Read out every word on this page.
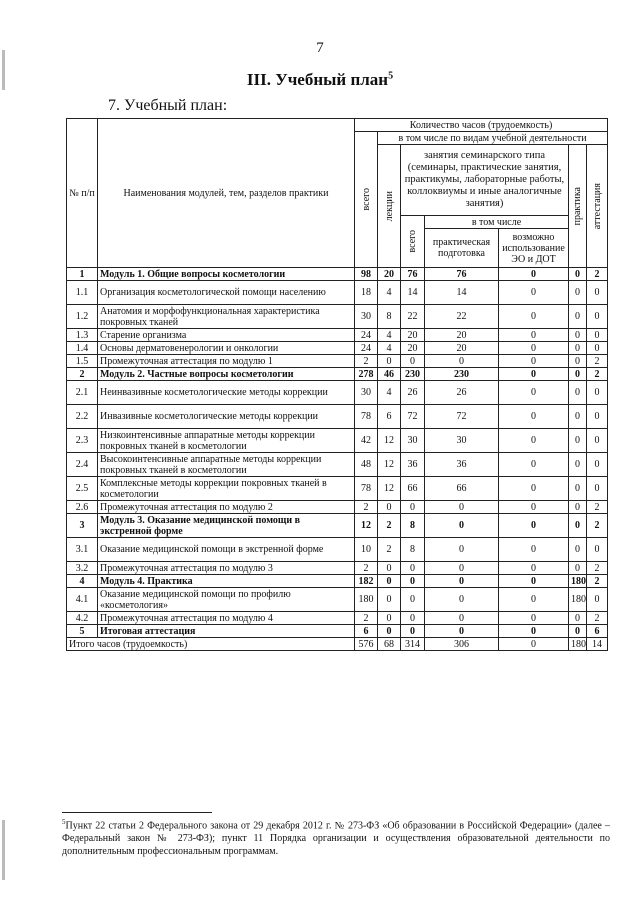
7
III. Учебный план$^5$
7. Учебный план:
№ п/п	Наименования модулей, тем, разделов практики	Количество часов (трудоемкость)						

		всего	в том числе по видам учебной деятельности					

			лекции	занятия семинарского типа (семинары, практические занятия, практикумы, лабораторные работы, коллоквиумы и иные аналогичные занятия)			практика	аттестация

				всего	в том числе			
					практическая подготовка	возможно использование ЭО и ДОТ		
1	Модуль 1. Общие вопросы косметологии	98	20	76	76	0	0	2
1.1	Организация косметологической помощи населению	18	4	14	14	0	0	0
1.2	Анатомия и морфофункциональная характеристика покровных тканей	30	8	22	22	0	0	0
1.3	Старение организма	24	4	20	20	0	0	0
1.4	Основы дерматовенерологии и онкологии	24	4	20	20	0	0	0
1.5	Промежуточная аттестация по модулю 1	2	0	0	0	0	0	2
2	Модуль 2. Частные вопросы косметологии	278	46	230	230	0	0	2
2.1	Неинвазивные косметологические методы коррекции	30	4	26	26	0	0	0
2.2	Инвазивные косметологические методы коррекции	78	6	72	72	0	0	0
2.3	Низкоинтенсивные аппаратные методы коррекции покровных тканей в косметологии	42	12	30	30	0	0	0
2.4	Высокоинтенсивные аппаратные методы коррекции покровных тканей в косметологии	48	12	36	36	0	0	0
2.5	Комплексные методы коррекции покровных тканей в косметологии	78	12	66	66	0	0	0
2.6	Промежуточная аттестация по модулю 2	2	0	0	0	0	0	2
3	Модуль 3. Оказание медицинской помощи в экстренной форме	12	2	8	0	0	0	2
3.1	Оказание медицинской помощи в экстренной форме	10	2	8	0	0	0	0
3.2	Промежуточная аттестация по модулю 3	2	0	0	0	0	0	2
4	Модуль 4. Практика	182	0	0	0	0	180	2
4.1	Оказание медицинской помощи по профилю «косметология»	180	0	0	0	0	180	0
4.2	Промежуточная аттестация по модулю 4	2	0	0	0	0	0	2
5	Итоговая аттестация	6	0	0	0	0	0	6
Итого часов (трудоемкость)		576	68	314	306	0	180	14
$^5$Пункт 22 статьи 2 Федерального закона от 29 декабря 2012 г. № 273-ФЗ «Об образовании в Российской Федерации» (далее – Федеральный закон № 273-ФЗ); пункт 11 Порядка организации и осуществления образовательной деятельности по дополнительным профессиональным программам.
